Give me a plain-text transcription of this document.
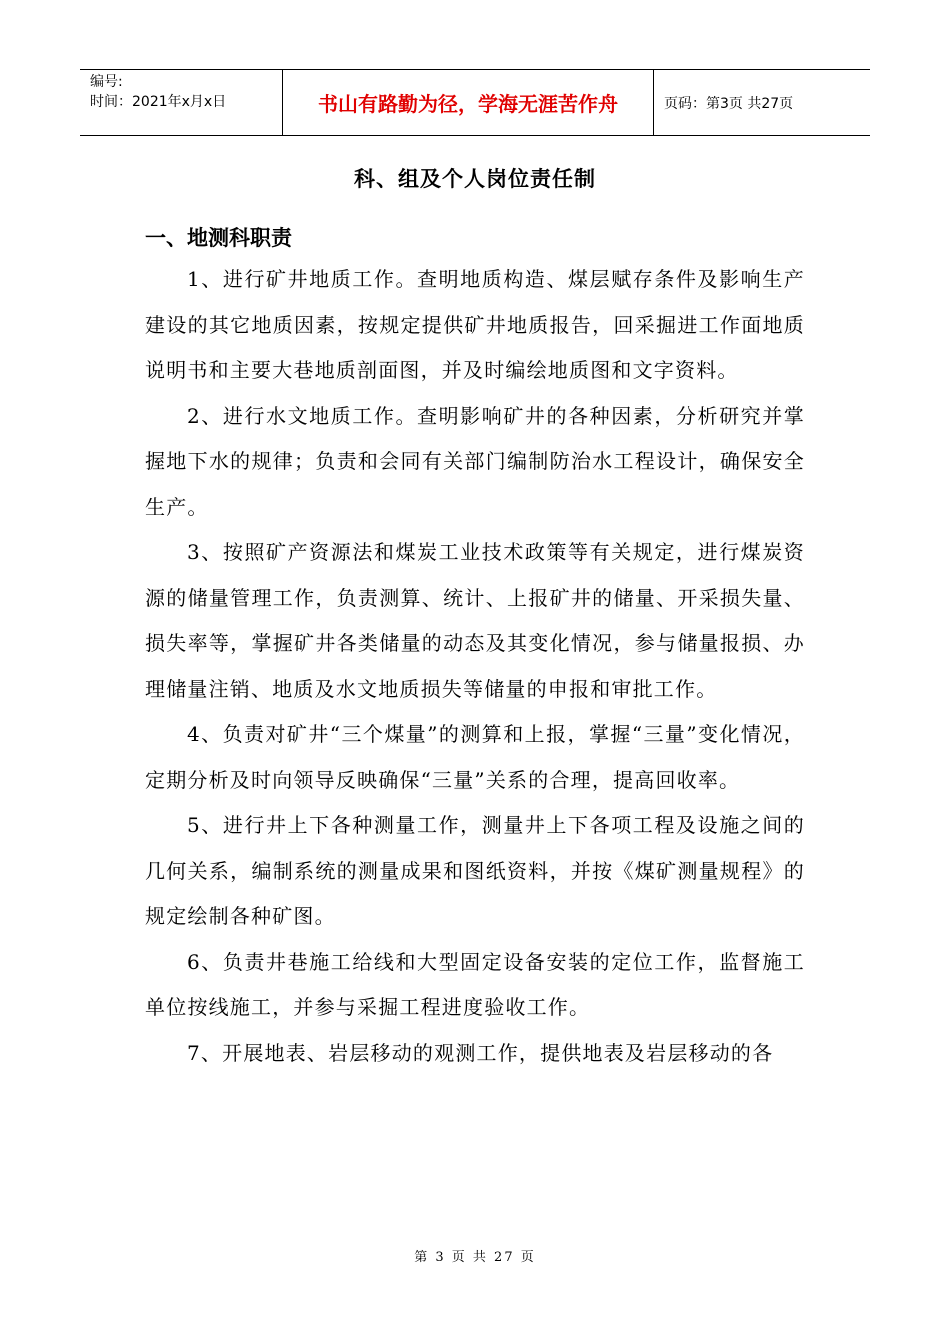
编号:
时间：2021年x月x日	书山有路勤为径，学海无涯苦作舟	页码：第3页 共27页
科、组及个人岗位责任制
一、地测科职责

1、进行矿井地质工作。查明地质构造、煤层赋存条件及影响生产建设的其它地质因素，按规定提供矿井地质报告，回采掘进工作面地质说明书和主要大巷地质剖面图，并及时编绘地质图和文字资料。

2、进行水文地质工作。查明影响矿井的各种因素，分析研究并掌握地下水的规律；负责和会同有关部门编制防治水工程设计，确保安全生产。

3、按照矿产资源法和煤炭工业技术政策等有关规定，进行煤炭资源的储量管理工作，负责测算、统计、上报矿井的储量、开采损失量、损失率等，掌握矿井各类储量的动态及其变化情况，参与储量报损、办理储量注销、地质及水文地质损失等储量的申报和审批工作。

4、负责对矿井“三个煤量”的测算和上报，掌握“三量”变化情况，定期分析及时向领导反映确保“三量”关系的合理，提高回收率。

5、进行井上下各种测量工作，测量井上下各项工程及设施之间的几何关系，编制系统的测量成果和图纸资料，并按《煤矿测量规程》的规定绘制各种矿图。

6、负责井巷施工给线和大型固定设备安装的定位工作，监督施工单位按线施工，并参与采掘工程进度验收工作。

7、开展地表、岩层移动的观测工作，提供地表及岩层移动的各

第 3 页 共 27 页
